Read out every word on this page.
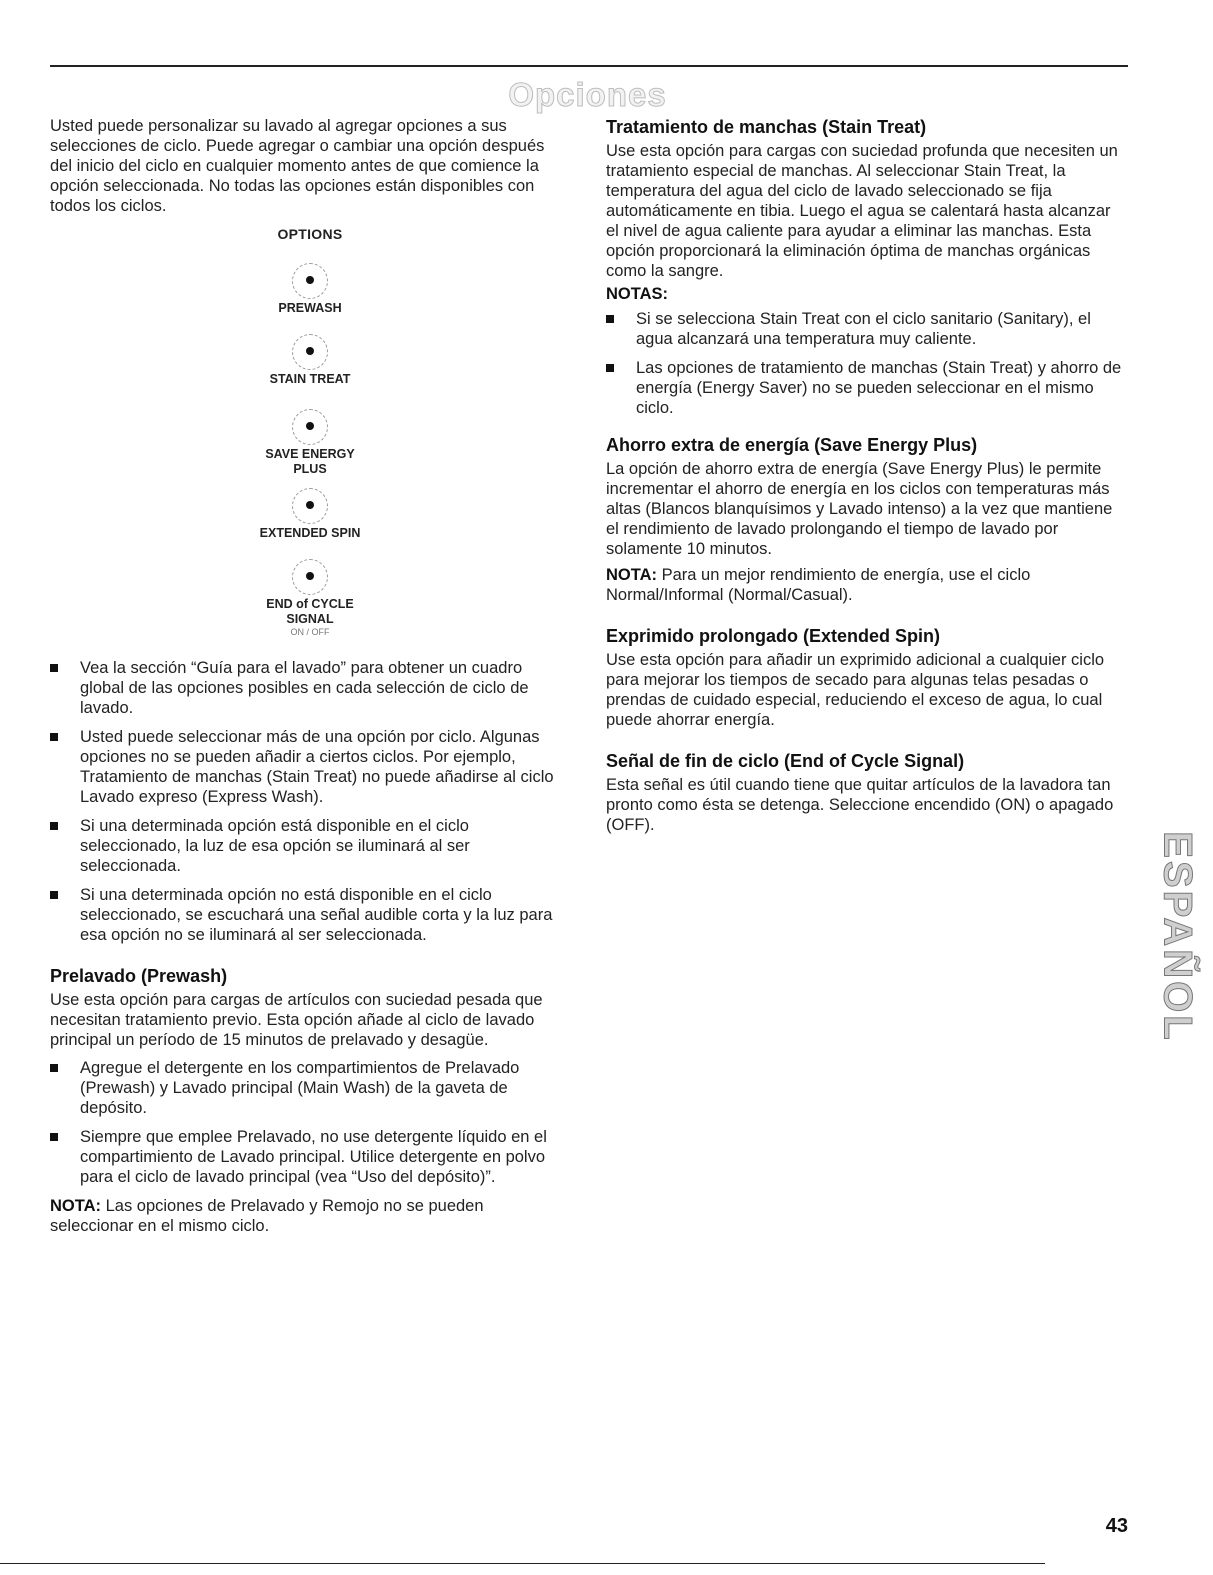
Opciones

Usted puede personalizar su lavado al agregar opciones a sus selecciones de ciclo. Puede agregar o cambiar una opción después del inicio del ciclo en cualquier momento antes de que comience la opción seleccionada. No todas las opciones están disponibles con todos los ciclos.

OPTIONS
PREWASH
STAIN TREAT
SAVE ENERGY
PLUS
EXTENDED SPIN
END of CYCLE
SIGNAL
ON / OFF
Vea la sección “Guía para el lavado” para obtener un cuadro global de las opciones posibles en cada selección de ciclo de lavado.
Usted puede seleccionar más de una opción por ciclo. Algunas opciones no se pueden añadir a ciertos ciclos. Por ejemplo, Tratamiento de manchas (Stain Treat) no puede añadirse al ciclo Lavado expreso (Express Wash).
Si una determinada opción está disponible en el ciclo seleccionado, la luz de esa opción se iluminará al ser seleccionada.
Si una determinada opción no está disponible en el ciclo seleccionado, se escuchará una señal audible corta y la luz para esa opción no se iluminará al ser seleccionada.
Prelavado (Prewash)

Use esta opción para cargas de artículos con suciedad pesada que necesitan tratamiento previo. Esta opción añade al ciclo de lavado principal un período de 15 minutos de prelavado y desagüe.

Agregue el detergente en los compartimientos de Prelavado (Prewash) y Lavado principal (Main Wash) de la gaveta de depósito.
Siempre que emplee Prelavado, no use detergente líquido en el compartimiento de Lavado principal. Utilice detergente en polvo para el ciclo de lavado principal (vea “Uso del depósito)”.

NOTA: Las opciones de Prelavado y Remojo no se pueden seleccionar en el mismo ciclo.

Tratamiento de manchas (Stain Treat)

Use esta opción para cargas con suciedad profunda que necesiten un tratamiento especial de manchas. Al seleccionar Stain Treat, la temperatura del agua del ciclo de lavado seleccionado se fija automáticamente en tibia. Luego el agua se calentará hasta alcanzar el nivel de agua caliente para ayudar a eliminar las manchas. Esta opción proporcionará la eliminación óptima de manchas orgánicas como la sangre.

NOTAS:
Si se selecciona Stain Treat con el ciclo sanitario (Sanitary), el agua alcanzará una temperatura muy caliente.
Las opciones de tratamiento de manchas (Stain Treat) y ahorro de energía (Energy Saver) no se pueden seleccionar en el mismo ciclo.
Ahorro extra de energía (Save Energy Plus)

La opción de ahorro extra de energía (Save Energy Plus) le permite incrementar el ahorro de energía en los ciclos con temperaturas más altas (Blancos blanquísimos y Lavado intenso) a la vez que mantiene el rendimiento de lavado prolongando el tiempo de lavado por solamente 10 minutos.

NOTA: Para un mejor rendimiento de energía, use el ciclo Normal/Informal (Normal/Casual).

Exprimido prolongado (Extended Spin)

Use esta opción para añadir un exprimido adicional a cualquier ciclo para mejorar los tiempos de secado para algunas telas pesadas o prendas de cuidado especial, reduciendo el exceso de agua, lo cual puede ahorrar energía.

Señal de fin de ciclo (End of Cycle Signal)

Esta señal es útil cuando tiene que quitar artículos de la lavadora tan pronto como ésta se detenga. Seleccione encendido (ON) o apagado (OFF).

ESPAÑOL
43
